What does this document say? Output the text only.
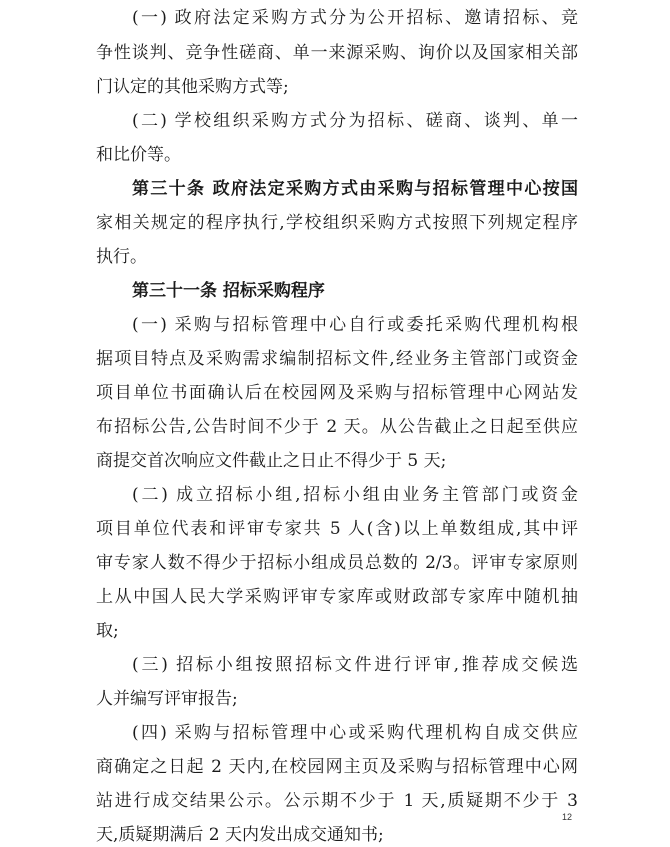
(一) 政府法定采购方式分为公开招标、邀请招标、竞
争性谈判、竞争性磋商、单一来源采购、询价以及国家相关部
门认定的其他采购方式等;
(二) 学校组织采购方式分为招标、磋商、谈判、单一
和比价等。
第三十条 政府法定采购方式由采购与招标管理中心按国
家相关规定的程序执行,学校组织采购方式按照下列规定程序
执行。
第三十一条 招标采购程序
(一) 采购与招标管理中心自行或委托采购代理机构根
据项目特点及采购需求编制招标文件,经业务主管部门或资金
项目单位书面确认后在校园网及采购与招标管理中心网站发
布招标公告,公告时间不少于 2 天。从公告截止之日起至供应
商提交首次响应文件截止之日止不得少于 5 天;
(二) 成立招标小组,招标小组由业务主管部门或资金
项目单位代表和评审专家共 5 人(含)以上单数组成,其中评
审专家人数不得少于招标小组成员总数的 2/3。评审专家原则
上从中国人民大学采购评审专家库或财政部专家库中随机抽
取;
(三) 招标小组按照招标文件进行评审,推荐成交候选
人并编写评审报告;
(四) 采购与招标管理中心或采购代理机构自成交供应
商确定之日起 2 天内,在校园网主页及采购与招标管理中心网
站进行成交结果公示。公示期不少于 1 天,质疑期不少于 3
天,质疑期满后 2 天内发出成交通知书;
12
